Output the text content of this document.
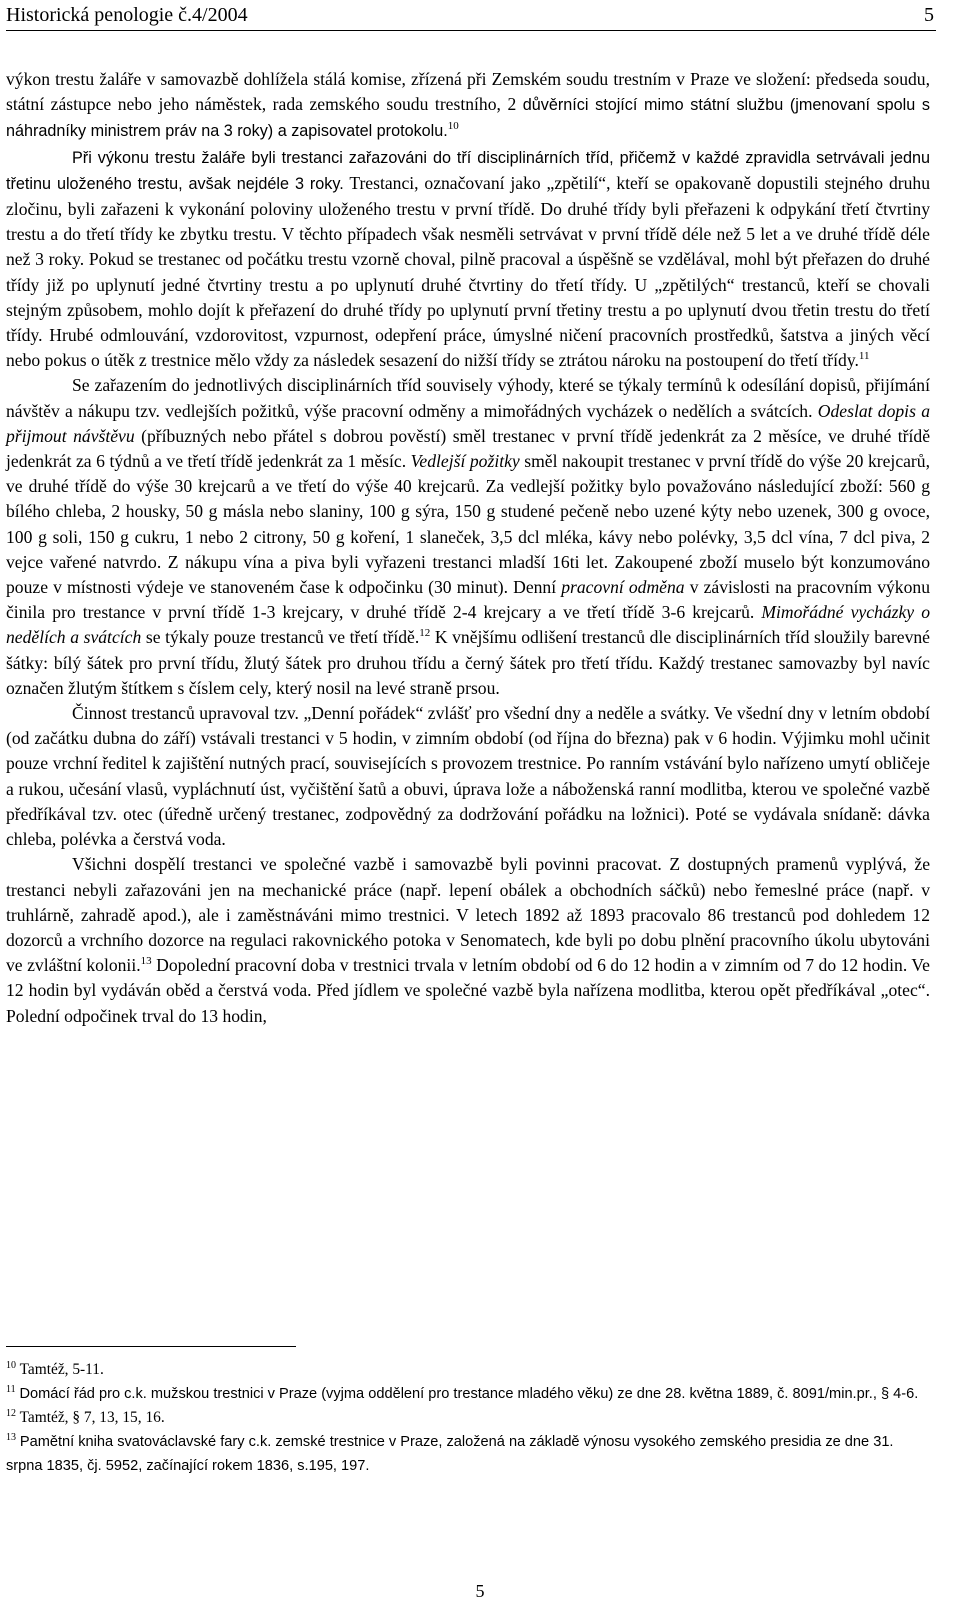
Historická penologie č.4/2004	5

výkon trestu žaláře v samovazbě dohlížela stálá komise, zřízená při Zemském soudu trestním v Praze ve složení: předseda soudu, státní zástupce nebo jeho náměstek, rada zemského soudu trestního, 2 důvěrníci stojící mimo státní službu (jmenovaní spolu s náhradníky ministrem práv na 3 roky) a zapisovatel protokolu.$^{10}$

Při výkonu trestu žaláře byli trestanci zařazováni do tří disciplinárních tříd, přičemž v každé zpravidla setrvávali jednu třetinu uloženého trestu, avšak nejdéle 3 roky. Trestanci, označovaní jako „zpětilí“, kteří se opakovaně dopustili stejného druhu zločinu, byli zařazeni k vykonání poloviny uloženého trestu v první třídě. Do druhé třídy byli přeřazeni k odpykání třetí čtvrtiny trestu a do třetí třídy ke zbytku trestu. V těchto případech však nesměli setrvávat v první třídě déle než 5 let a ve druhé třídě déle než 3 roky. Pokud se trestanec od počátku trestu vzorně choval, pilně pracoval a úspěšně se vzdělával, mohl být přeřazen do druhé třídy již po uplynutí jedné čtvrtiny trestu a po uplynutí druhé čtvrtiny do třetí třídy. U „zpětilých“ trestanců, kteří se chovali stejným způsobem, mohlo dojít k přeřazení do druhé třídy po uplynutí první třetiny trestu a po uplynutí dvou třetin trestu do třetí třídy. Hrubé odmlouvání, vzdorovitost, vzpurnost, odepření práce, úmyslné ničení pracovních prostředků, šatstva a jiných věcí nebo pokus o útěk z trestnice mělo vždy za následek sesazení do nižší třídy se ztrátou nároku na postoupení do třetí třídy.$^{11}$

Se zařazením do jednotlivých disciplinárních tříd souvisely výhody, které se týkaly termínů k odesílání dopisů, přijímání návštěv a nákupu tzv. vedlejších požitků, výše pracovní odměny a mimořádných vycházek o nedělích a svátcích. Odeslat dopis a přijmout návštěvu (příbuzných nebo přátel s dobrou pověstí) směl trestanec v první třídě jedenkrát za 2 měsíce, ve druhé třídě jedenkrát za 6 týdnů a ve třetí třídě jedenkrát za 1 měsíc. Vedlejší požitky směl nakoupit trestanec v první třídě do výše 20 krejcarů, ve druhé třídě do výše 30 krejcarů a ve třetí do výše 40 krejcarů. Za vedlejší požitky bylo považováno následující zboží: 560 g bílého chleba, 2 housky, 50 g másla nebo slaniny, 100 g sýra, 150 g studené pečeně nebo uzené kýty nebo uzenek, 300 g ovoce, 100 g soli, 150 g cukru, 1 nebo 2 citrony, 50 g koření, 1 slaneček, 3,5 dcl mléka, kávy nebo polévky, 3,5 dcl vína, 7 dcl piva, 2 vejce vařené natvrdo. Z nákupu vína a piva byli vyřazeni trestanci mladší 16ti let. Zakoupené zboží muselo být konzumováno pouze v místnosti výdeje ve stanoveném čase k odpočinku (30 minut). Denní pracovní odměna v závislosti na pracovním výkonu činila pro trestance v první třídě 1-3 krejcary, v druhé třídě 2-4 krejcary a ve třetí třídě 3-6 krejcarů. Mimořádné vycházky o nedělích a svátcích se týkaly pouze trestanců ve třetí třídě.$^{12}$ K vnějšímu odlišení trestanců dle disciplinárních tříd sloužily barevné šátky: bílý šátek pro první třídu, žlutý šátek pro druhou třídu a černý šátek pro třetí třídu. Každý trestanec samovazby byl navíc označen žlutým štítkem s číslem cely, který nosil na levé straně prsou.

Činnost trestanců upravoval tzv. „Denní pořádek“ zvlášť pro všední dny a neděle a svátky. Ve všední dny v letním období (od začátku dubna do září) vstávali trestanci v 5 hodin, v zimním období (od října do března) pak v 6 hodin. Výjimku mohl učinit pouze vrchní ředitel k zajištění nutných prací, souvisejících s provozem trestnice. Po ranním vstávání bylo nařízeno umytí obličeje a rukou, učesání vlasů, vypláchnutí úst, vyčištění šatů a obuvi, úprava lože a náboženská ranní modlitba, kterou ve společné vazbě předříkával tzv. otec (úředně určený trestanec, zodpovědný za dodržování pořádku na ložnici). Poté se vydávala snídaně: dávka chleba, polévka a čerstvá voda.

Všichni dospělí trestanci ve společné vazbě i samovazbě byli povinni pracovat. Z dostupných pramenů vyplývá, že trestanci nebyli zařazováni jen na mechanické práce (např. lepení obálek a obchodních sáčků) nebo řemeslné práce (např. v truhlárně, zahradě apod.), ale i zaměstnáváni mimo trestnici. V letech 1892 až 1893 pracovalo 86 trestanců pod dohledem 12 dozorců a vrchního dozorce na regulaci rakovnického potoka v Senomatech, kde byli po dobu plnění pracovního úkolu ubytováni ve zvláštní kolonii.$^{13}$ Dopolední pracovní doba v trestnici trvala v letním období od 6 do 12 hodin a v zimním od 7 do 12 hodin. Ve 12 hodin byl vydáván oběd a čerstvá voda. Před jídlem ve společné vazbě byla nařízena modlitba, kterou opět předříkával „otec“. Polední odpočinek trval do 13 hodin,

$^{10}$ Tamtéž, 5-11.

$^{11}$ Domácí řád pro c.k. mužskou trestnici v Praze (vyjma oddělení pro trestance mladého věku) ze dne 28. května 1889, č. 8091/min.pr., § 4-6.

$^{12}$ Tamtéž, § 7, 13, 15, 16.

$^{13}$ Pamětní kniha svatováclavské fary c.k. zemské trestnice v Praze, založená na základě výnosu vysokého zemského presidia ze dne 31. srpna 1835, čj. 5952, začínající rokem 1836, s.195, 197.

5
